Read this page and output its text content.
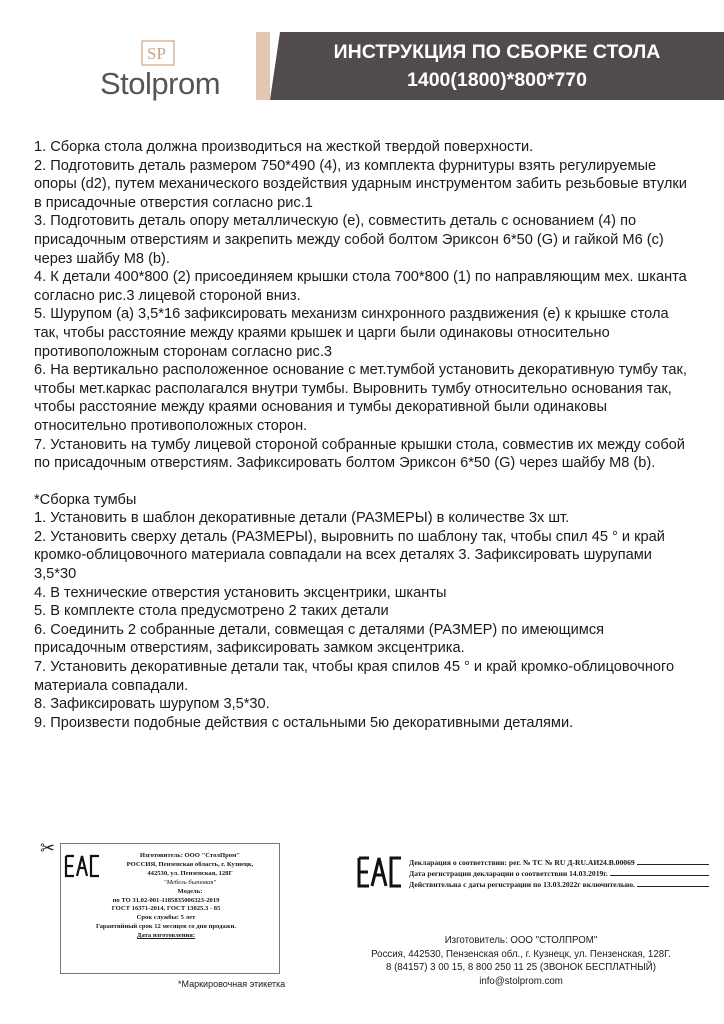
SP
Stolprom
ИНСТРУКЦИЯ ПО СБОРКЕ СТОЛА
1400(1800)*800*770

1. Сборка стола должна производиться на жесткой твердой поверхности.

2. Подготовить деталь размером 750*490 (4), из комплекта фурнитуры взять регулируемые опоры (d2), путем механического воздействия ударным инструментом забить резьбовые втулки в присадочные отверстия согласно рис.1

3. Подготовить деталь опору металлическую (е), совместить деталь с основанием (4) по присадочным отверстиям и закрепить между собой болтом Эриксон 6*50 (G) и гайкой М6 (с) через шайбу М8 (b).

4. К детали 400*800 (2) присоединяем крышки стола 700*800 (1) по направляющим мех. шканта согласно рис.3 лицевой стороной вниз.

5. Шурупом (а) 3,5*16 зафиксировать механизм синхронного раздвижения (е) к крышке стола так, чтобы расстояние между краями крышек и царги были одинаковы относительно противоположным сторонам согласно рис.3

6. На вертикально расположенное основание с мет.тумбой установить декоративную тумбу так, чтобы мет.каркас располагался внутри тумбы. Выровнить тумбу относительно основания так, чтобы расстояние между краями основания и тумбы декоративной были одинаковы относительно противоположных сторон.

7. Установить на тумбу лицевой стороной собранные крышки стола, совместив их между собой по присадочным отверстиям. Зафиксировать болтом Эриксон 6*50 (G) через шайбу М8 (b).

*Сборка тумбы

1. Установить в шаблон декоративные детали (РАЗМЕРЫ) в количестве 3х шт.

2. Установить сверху деталь (РАЗМЕРЫ), выровнить по шаблону так, чтобы спил 45 ° и край кромко-облицовочного материала совпадали на всех деталях 3. Зафиксировать шурупами 3,5*30

4. В технические отверстия установить эксцентрики, шканты

5. В комплекте стола предусмотрено 2 таких детали

6. Соединить 2 собранные детали, совмещая с деталями (РАЗМЕР) по имеющимся присадочным отверстиям, зафиксировать замком эксцентрика.

7. Установить декоративные детали так, чтобы края спилов 45 ° и край кромко-облицовочного материала совпадали.

8. Зафиксировать шурупом 3,5*30.

9. Произвести подобные действия с остальными 5ю декоративными деталями.

✂	EAC	Изготовитель: ООО "СтолПром"
РОССИЯ, Пензенская область, г. Кузнецк,
442530, ул. Пензенская, 128Г
"Мебель бытовая"
Модель:
по ТО 31.02-001-1185835006323-2019
ГОСТ 16371-2014, ГОСТ 13025.3 - 85
Срок службы: 5 лет
Гарантийный срок 12 месяцев со дня продажи.
Дата изготовления:
*Маркировочная этикетка
Декларация о соответствии: рег. № ТС № RU Д-RU.АИ24.В.00069
Дата регистрации декларации о соответствии 14.03.2019г.
Действительна с даты регистрации по 13.03.2022г включительно.
Изготовитель: ООО "СТОЛПРОМ"
Россия, 442530, Пензенская обл., г. Кузнецк, ул. Пензенская, 128Г.
8 (84157) 3 00 15, 8 800 250 11 25 (ЗВОНОК БЕСПЛАТНЫЙ)
info@stolprom.com
